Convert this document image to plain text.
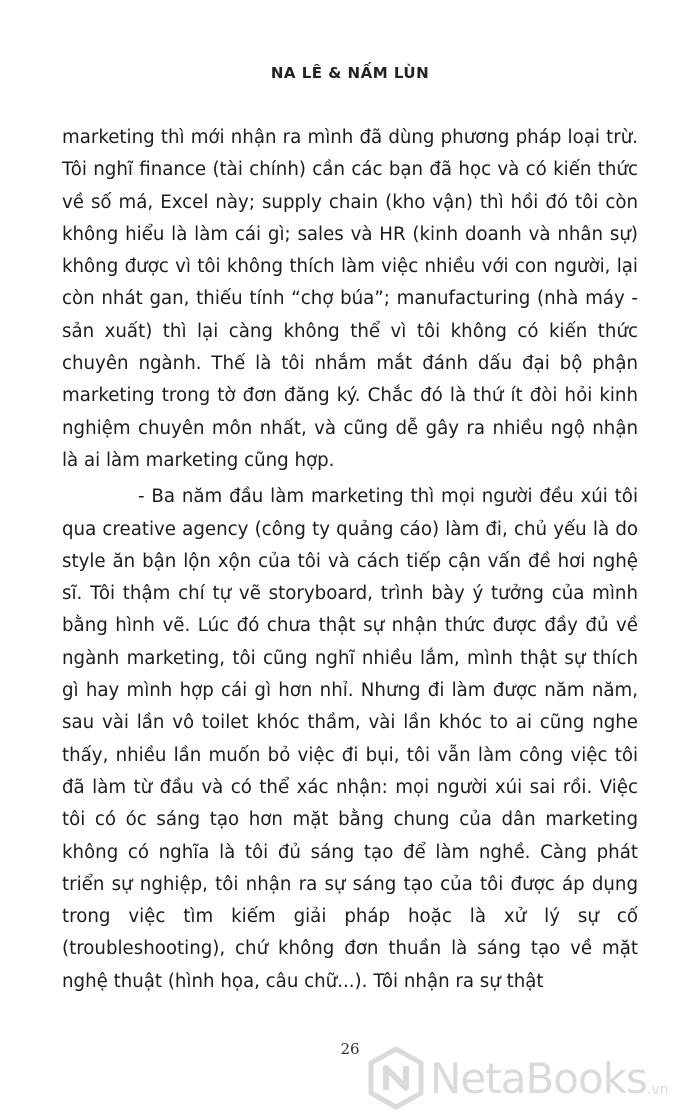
NA LÊ & NẤM LÙN

marketing thì mới nhận ra mình đã dùng phương pháp loại trừ. Tôi nghĩ finance (tài chính) cần các bạn đã học và có kiến thức về số má, Excel này; supply chain (kho vận) thì hồi đó tôi còn không hiểu là làm cái gì; sales và HR (kinh doanh và nhân sự) không được vì tôi không thích làm việc nhiều với con người, lại còn nhát gan, thiếu tính “chợ búa”; manufacturing (nhà máy - sản xuất) thì lại càng không thể vì tôi không có kiến thức chuyên ngành. Thế là tôi nhắm mắt đánh dấu đại bộ phận marketing trong tờ đơn đăng ký. Chắc đó là thứ ít đòi hỏi kinh nghiệm chuyên môn nhất, và cũng dễ gây ra nhiều ngộ nhận là ai làm marketing cũng hợp.

- Ba năm đầu làm marketing thì mọi người đều xúi tôi qua creative agency (công ty quảng cáo) làm đi, chủ yếu là do style ăn bận lộn xộn của tôi và cách tiếp cận vấn đề hơi nghệ sĩ. Tôi thậm chí tự vẽ storyboard, trình bày ý tưởng của mình bằng hình vẽ. Lúc đó chưa thật sự nhận thức được đầy đủ về ngành marketing, tôi cũng nghĩ nhiều lắm, mình thật sự thích gì hay mình hợp cái gì hơn nhỉ. Nhưng đi làm được năm năm, sau vài lần vô toilet khóc thầm, vài lần khóc to ai cũng nghe thấy, nhiều lần muốn bỏ việc đi bụi, tôi vẫn làm công việc tôi đã làm từ đầu và có thể xác nhận: mọi người xúi sai rồi. Việc tôi có óc sáng tạo hơn mặt bằng chung của dân marketing không có nghĩa là tôi đủ sáng tạo để làm nghề. Càng phát triển sự nghiệp, tôi nhận ra sự sáng tạo của tôi được áp dụng trong việc tìm kiếm giải pháp hoặc là xử lý sự cố (troubleshooting), chứ không đơn thuần là sáng tạo về mặt nghệ thuật (hình họa, câu chữ...). Tôi nhận ra sự thật

26
NetaBooks .vn
